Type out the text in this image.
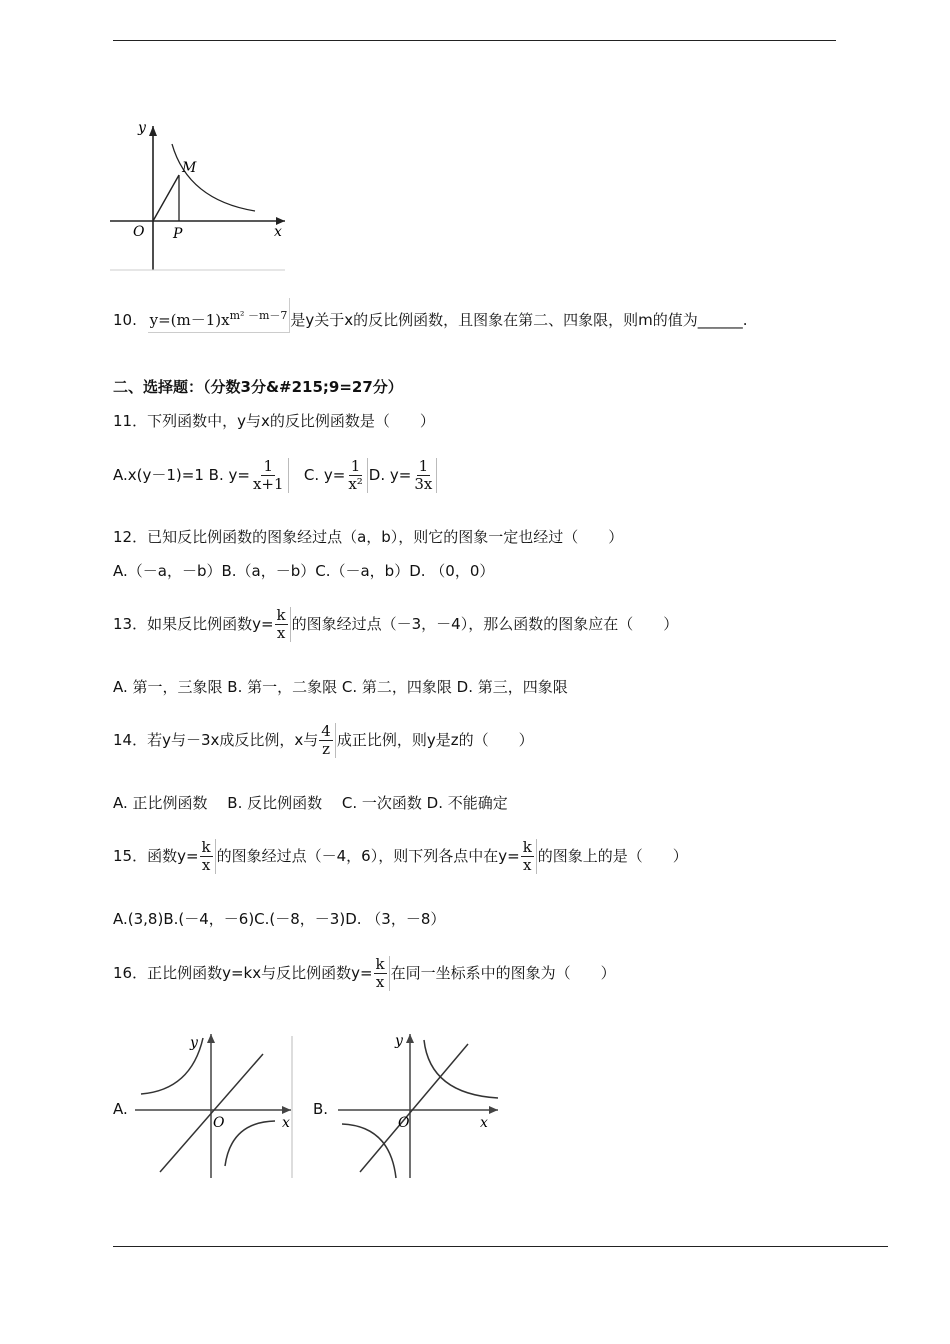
y
M
O P	x
10. $y=(m-1)x^{m^2 -m-7}$ 是y关于x的反比例函数，且图象在第二、四象限，则m的值为______.
二、选择题：（分数3分&#215;9=27分）
11．下列函数中，y与x的反比例函数是（　　）
A.x(y－1)=1 B. $y= \frac{1}{x+1} C$. $y= \frac{1}{\text{x²}} D$. $y= \frac{1}{3x}$
12．已知反比例函数的图象经过点（a，b），则它的图象一定也经过（　　）
A.（－a，－b）B.（a，－b）C.（－a，b）D. （0，0）
13．如果反比例函数$y= \frac{k}{x}$ 的图象经过点（－3，－4），那么函数的图象应在（　　）
A. 第一，三象限 B. 第一，二象限 C. 第二，四象限 D. 第三，四象限
14．若y与－3x成反比例，x与 $\frac{4}{z}$ 成正比例，则y是z的（　　）
A. 正比例函数　 B. 反比例函数　 C. 一次函数 D. 不能确定
15．函数$y= \frac{k}{x}$ 的图象经过点（－4，6），则下列各点中在$y= \frac{k}{x}$ 的图象上的是（　　）
A.(3,8)B.(－4，－6)C.(－8，－3)D. （3，－8）
16．正比例函数y=kx与反比例函数$y= \frac{k}{x}$ 在同一坐标系中的图象为（　　）
A.
y
O	x
B.
y
O	x
